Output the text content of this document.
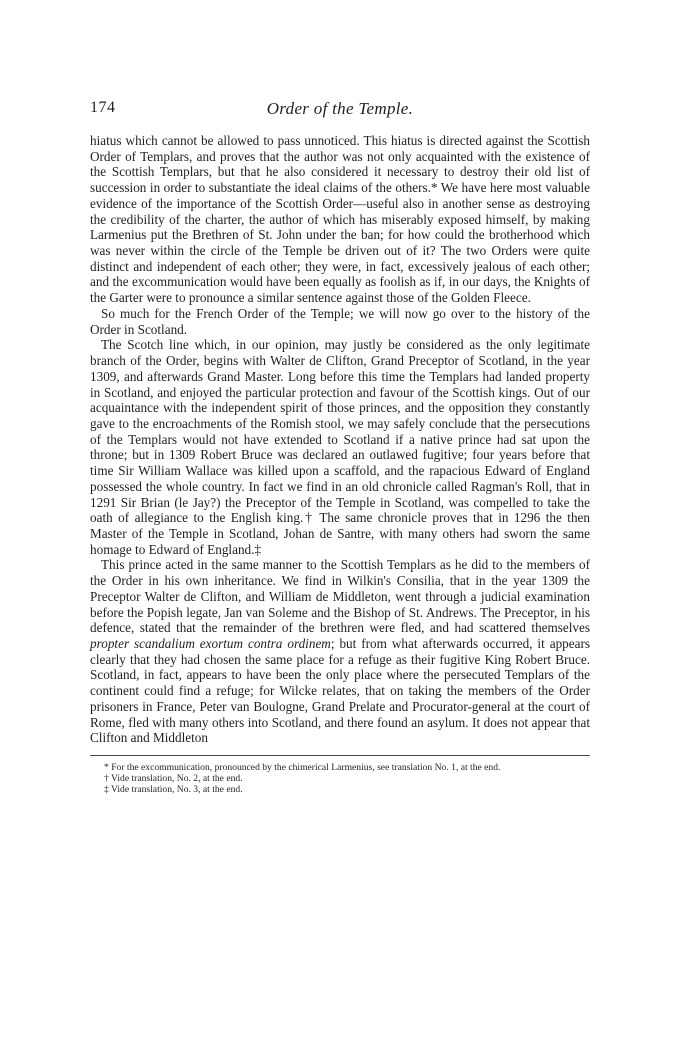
174	Order of the Temple.

hiatus which cannot be allowed to pass unnoticed. This hiatus is directed against the Scottish Order of Templars, and proves that the author was not only acquainted with the existence of the Scottish Templars, but that he also considered it necessary to destroy their old list of succession in order to substantiate the ideal claims of the others.* We have here most valuable evidence of the importance of the Scottish Order—useful also in another sense as destroying the credibility of the charter, the author of which has miserably exposed himself, by making Larmenius put the Brethren of St. John under the ban; for how could the brotherhood which was never within the circle of the Temple be driven out of it? The two Orders were quite distinct and independent of each other; they were, in fact, excessively jealous of each other; and the excommunication would have been equally as foolish as if, in our days, the Knights of the Garter were to pronounce a similar sentence against those of the Golden Fleece.

So much for the French Order of the Temple; we will now go over to the history of the Order in Scotland.

The Scotch line which, in our opinion, may justly be considered as the only legitimate branch of the Order, begins with Walter de Clifton, Grand Preceptor of Scotland, in the year 1309, and afterwards Grand Master. Long before this time the Templars had landed property in Scotland, and enjoyed the particular protection and favour of the Scottish kings. Out of our acquaintance with the independent spirit of those princes, and the opposition they constantly gave to the encroachments of the Romish stool, we may safely conclude that the persecutions of the Templars would not have extended to Scotland if a native prince had sat upon the throne; but in 1309 Robert Bruce was declared an outlawed fugitive; four years before that time Sir William Wallace was killed upon a scaffold, and the rapacious Edward of England possessed the whole country. In fact we find in an old chronicle called Ragman's Roll, that in 1291 Sir Brian (le Jay?) the Preceptor of the Temple in Scotland, was compelled to take the oath of allegiance to the English king.† The same chronicle proves that in 1296 the then Master of the Temple in Scotland, Johan de Santre, with many others had sworn the same homage to Edward of England.‡

This prince acted in the same manner to the Scottish Templars as he did to the members of the Order in his own inheritance. We find in Wilkin's Consilia, that in the year 1309 the Preceptor Walter de Clifton, and William de Middleton, went through a judicial examination before the Popish legate, Jan van Soleme and the Bishop of St. Andrews. The Preceptor, in his defence, stated that the remainder of the brethren were fled, and had scattered themselves propter scandalium exortum contra ordinem; but from what afterwards occurred, it appears clearly that they had chosen the same place for a refuge as their fugitive King Robert Bruce. Scotland, in fact, appears to have been the only place where the persecuted Templars of the continent could find a refuge; for Wilcke relates, that on taking the members of the Order prisoners in France, Peter van Boulogne, Grand Prelate and Procurator-general at the court of Rome, fled with many others into Scotland, and there found an asylum. It does not appear that Clifton and Middleton

* For the excommunication, pronounced by the chimerical Larmenius, see translation No. 1, at the end.

† Vide translation, No. 2, at the end.

‡ Vide translation, No. 3, at the end.
